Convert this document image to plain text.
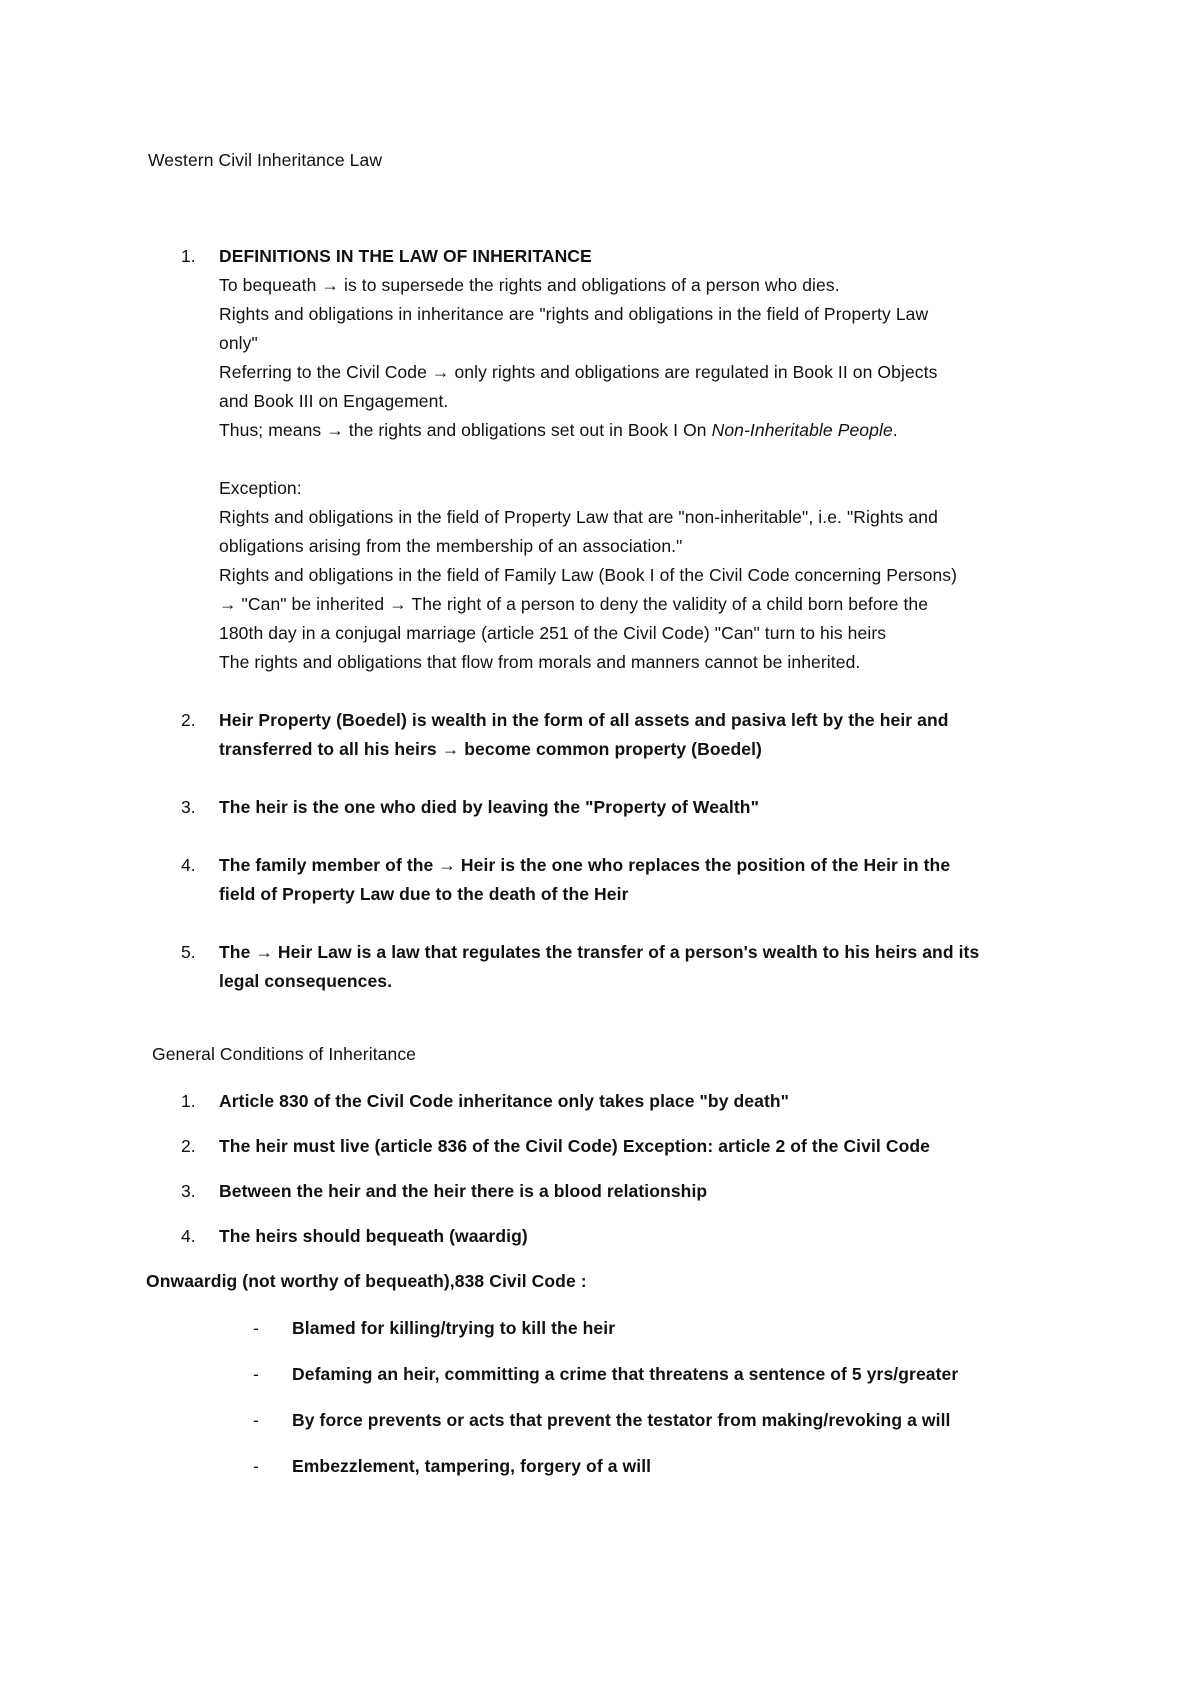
Western Civil Inheritance Law

1. DEFINITIONS IN THE LAW OF INHERITANCE

To bequeath → is to supersede the rights and obligations of a person who dies.

Rights and obligations in inheritance are "rights and obligations in the field of Property Law

only"

Referring to the Civil Code → only rights and obligations are regulated in Book II on Objects

and Book III on Engagement.

Thus; means → the rights and obligations set out in Book I On Non-Inheritable People.

Exception:

Rights and obligations in the field of Property Law that are "non-inheritable", i.e. "Rights and

obligations arising from the membership of an association."

Rights and obligations in the field of Family Law (Book I of the Civil Code concerning Persons)

→ "Can" be inherited → The right of a person to deny the validity of a child born before the

180th day in a conjugal marriage (article 251 of the Civil Code) "Can" turn to his heirs

The rights and obligations that flow from morals and manners cannot be inherited.

2. Heir Property (Boedel) is wealth in the form of all assets and pasiva left by the heir and

transferred to all his heirs → become common property (Boedel)

3. The heir is the one who died by leaving the "Property of Wealth"

4. The family member of the → Heir is the one who replaces the position of the Heir in the

field of Property Law due to the death of the Heir

5. The → Heir Law is a law that regulates the transfer of a person's wealth to his heirs and its

legal consequences.

General Conditions of Inheritance

1. Article 830 of the Civil Code inheritance only takes place "by death"

2. The heir must live (article 836 of the Civil Code) Exception: article 2 of the Civil Code

3. Between the heir and the heir there is a blood relationship

4. The heirs should bequeath (waardig)

Onwaardig (not worthy of bequeath),838 Civil Code :

- Blamed for killing/trying to kill the heir

- Defaming an heir, committing a crime that threatens a sentence of 5 yrs/greater

- By force prevents or acts that prevent the testator from making/revoking a will

- Embezzlement, tampering, forgery of a will
